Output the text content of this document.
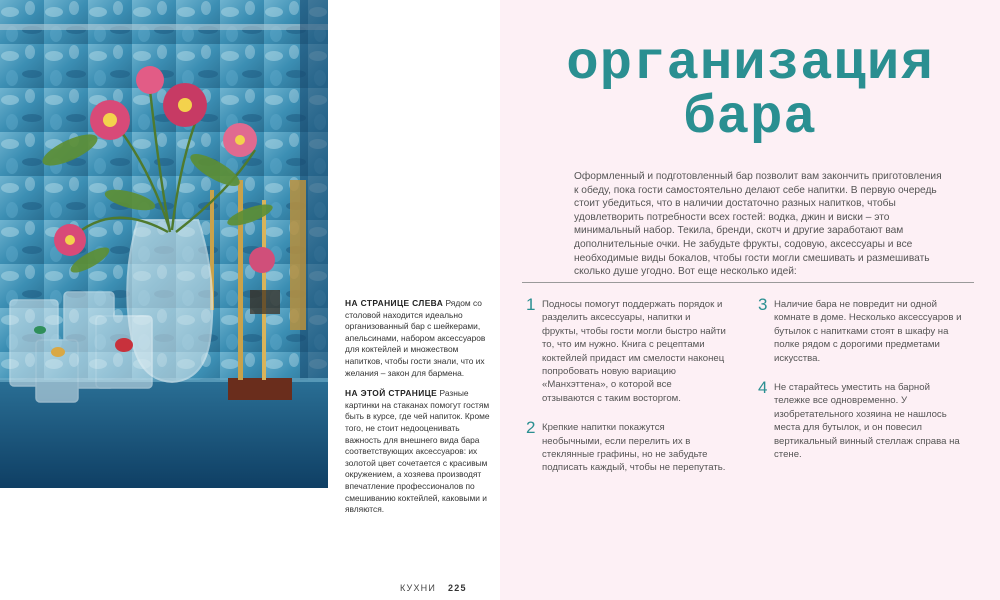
НА СТРАНИЦЕ СЛЕВА Рядом со столовой находится идеально организованный бар с шейкерами, апельсинами, набором аксессуаров для коктейлей и множеством напитков, чтобы гости знали, что их желания – закон для бармена.

НА ЭТОЙ СТРАНИЦЕ Разные картинки на стаканах помогут гостям быть в курсе, где чей напиток. Кроме того, не стоит недооценивать важность для внешнего вида бара соответствующих аксессуаров: их золотой цвет сочетается с красивым окружением, а хозяева производят впечатление профессионалов по смешиванию коктейлей, каковыми и являются.

КУХНИ 225
организация
бара
Оформленный и подготовленный бар позволит вам закончить приготовления к обеду, пока гости самостоятельно делают себе напитки. В первую очередь стоит убедиться, что в наличии достаточно разных напитков, чтобы удовлетворить потребности всех гостей: водка, джин и виски – это минимальный набор. Текила, бренди, скотч и другие заработают вам дополнительные очки. Не забудьте фрукты, содовую, аксессуары и все необходимые виды бокалов, чтобы гости могли смешивать и размешивать сколько душе угодно. Вот еще несколько идей:
1 Подносы помогут поддержать порядок и разделить аксессуары, напитки и фрукты, чтобы гости могли быстро найти то, что им нужно. Книга с рецептами коктейлей придаст им смелости наконец попробовать новую вариацию «Манхэттена», о которой все отзываются с таким восторгом.
2 Крепкие напитки покажутся необычными, если перелить их в стеклянные графины, но не забудьте подписать каждый, чтобы не перепутать.
3 Наличие бара не повредит ни одной комнате в доме. Несколько аксессуаров и бутылок с напитками стоят в шкафу на полке рядом с дорогими предметами искусства.
4 Не старайтесь уместить на барной тележке все одновременно. У изобретательного хозяина не нашлось места для бутылок, и он повесил вертикальный винный стеллаж справа на стене.
